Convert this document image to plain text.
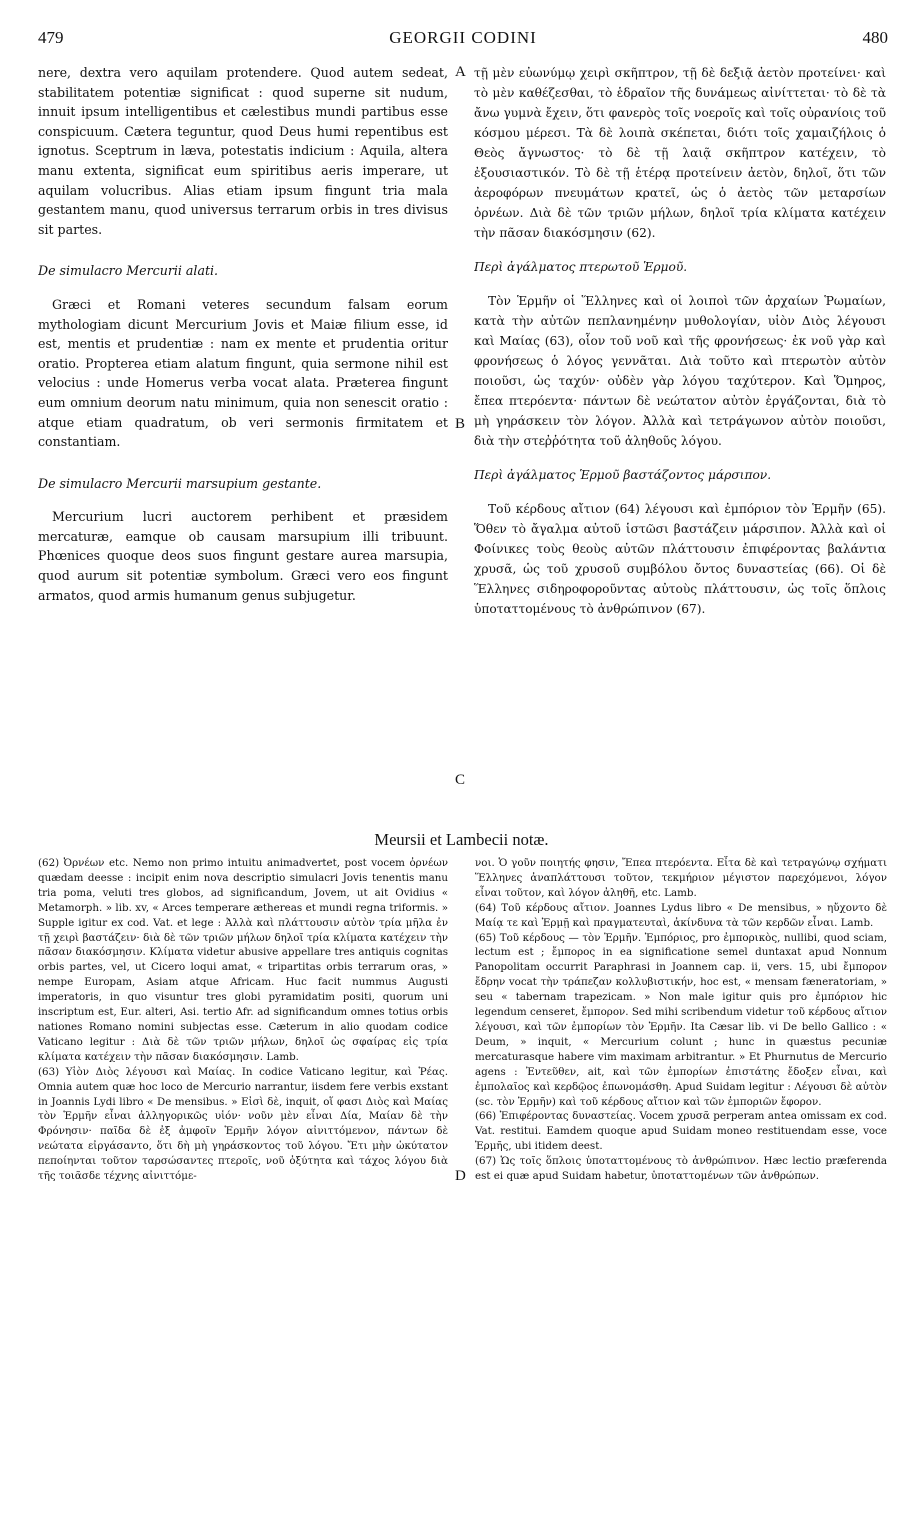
479	GEORGII CODINI	480
A
B
C
D

nere, dextra vero aquilam protendere. Quod autem sedeat, stabilitatem potentiæ significat : quod superne sit nudum, innuit ipsum intelligentibus et cælestibus mundi partibus esse conspicuum. Cætera teguntur, quod Deus humi repentibus est ignotus. Sceptrum in læva, potestatis indicium : Aquila, altera manu extenta, significat eum spiritibus aeris imperare, ut aquilam volucribus. Alias etiam ipsum fingunt tria mala gestantem manu, quod universus terrarum orbis in tres divisus sit partes.

De simulacro Mercurii alati.

Græci et Romani veteres secundum falsam eorum mythologiam dicunt Mercurium Jovis et Maiæ filium esse, id est, mentis et prudentiæ : nam ex mente et prudentia oritur oratio. Propterea etiam alatum fingunt, quia sermone nihil est velocius : unde Homerus verba vocat alata. Præterea fingunt eum omnium deorum natu minimum, quia non senescit oratio : atque etiam quadratum, ob veri sermonis firmitatem et constantiam.

De simulacro Mercurii marsupium gestante.

Mercurium lucri auctorem perhibent et præsidem mercaturæ, eamque ob causam marsupium illi tribuunt. Phœnices quoque deos suos fingunt gestare aurea marsupia, quod aurum sit potentiæ symbolum. Græci vero eos fingunt armatos, quod armis humanum genus subjugetur.

τῇ μὲν εὐωνύμῳ χειρὶ σκῆπτρον, τῇ δὲ δεξιᾷ ἀετὸν προτείνει· καὶ τὸ μὲν καθέζεσθαι, τὸ ἑδραῖον τῆς δυνάμεως αἰνίττεται· τὸ δὲ τὰ ἄνω γυμνὰ ἔχειν, ὅτι φανερὸς τοῖς νοεροῖς καὶ τοῖς οὐρανίοις τοῦ κόσμου μέρεσι. Τὰ δὲ λοιπὰ σκέπεται, διότι τοῖς χαμαιζήλοις ὁ Θεὸς ἄγνωστος· τὸ δὲ τῇ λαιᾷ σκῆπτρον κατέχειν, τὸ ἐξουσιαστικόν. Τὸ δὲ τῇ ἑτέρᾳ προτείνειν ἀετὸν, δηλοῖ, ὅτι τῶν ἀεροφόρων πνευμάτων κρατεῖ, ὡς ὁ ἀετὸς τῶν μεταρσίων ὀρνέων. Διὰ δὲ τῶν τριῶν μήλων, δηλοῖ τρία κλίματα κατέχειν τὴν πᾶσαν διακόσμησιν (62).

Περὶ ἀγάλματος πτερωτοῦ Ἑρμοῦ.

Τὸν Ἑρμῆν οἱ Ἕλληνες καὶ οἱ λοιποὶ τῶν ἀρχαίων Ῥωμαίων, κατὰ τὴν αὐτῶν πεπλανημένην μυθολογίαν, υἱὸν Διὸς λέγουσι καὶ Μαίας (63), οἷον τοῦ νοῦ καὶ τῆς φρονήσεως· ἐκ νοῦ γὰρ καὶ φρονήσεως ὁ λόγος γεννᾶται. Διὰ τοῦτο καὶ πτερωτὸν αὐτὸν ποιοῦσι, ὡς ταχύν· οὐδὲν γὰρ λόγου ταχύτερον. Καὶ Ὅμηρος, ἔπεα πτερόεντα· πάντων δὲ νεώτατον αὐτὸν ἐργάζονται, διὰ τὸ μὴ γηράσκειν τὸν λόγον. Ἀλλὰ καὶ τετράγωνον αὐτὸν ποιοῦσι, διὰ τὴν στεῤῥότητα τοῦ ἀληθοῦς λόγου.

Περὶ ἀγάλματος Ἑρμοῦ βαστάζοντος μάρσιπον.

Τοῦ κέρδους αἴτιον (64) λέγουσι καὶ ἐμπόριον τὸν Ἑρμῆν (65). Ὅθεν τὸ ἄγαλμα αὐτοῦ ἱστῶσι βαστάζειν μάρσιπον. Ἀλλὰ καὶ οἱ Φοίνικες τοὺς θεοὺς αὐτῶν πλάττουσιν ἐπιφέροντας βαλάντια χρυσᾶ, ὡς τοῦ χρυσοῦ συμβόλου ὄντος δυναστείας (66). Οἱ δὲ Ἕλληνες σιδηροφοροῦντας αὐτοὺς πλάττουσιν, ὡς τοῖς ὅπλοις ὑποταττομένους τὸ ἀνθρώπινον (67).

Meursii et Lambecii notæ.

(62) Ὀρνέων etc. Nemo non primo intuitu animadvertet, post vocem ὀρνέων quædam deesse : incipit enim nova descriptio simulacri Jovis tenentis manu tria poma, veluti tres globos, ad significandum, Jovem, ut ait Ovidius « Metamorph. » lib. xv, « Arces temperare æthereas et mundi regna triformis. » Supple igitur ex cod. Vat. et lege : Ἀλλὰ καὶ πλάττουσιν αὐτὸν τρία μῆλα ἐν τῇ χειρὶ βαστάζειν· διὰ δὲ τῶν τριῶν μήλων δηλοῖ τρία κλίματα κατέχειν τὴν πᾶσαν διακόσμησιν. Κλίματα videtur abusive appellare tres antiquis cognitas orbis partes, vel, ut Cicero loqui amat, « tripartitas orbis terrarum oras, » nempe Europam, Asiam atque Africam. Huc facit nummus Augusti imperatoris, in quo visuntur tres globi pyramidatim positi, quorum uni inscriptum est, Eur. alteri, Asi. tertio Afr. ad significandum omnes totius orbis nationes Romano nomini subjectas esse. Cæterum in alio quodam codice Vaticano legitur : Διὰ δὲ τῶν τριῶν μήλων, δηλοῖ ὡς σφαίρας εἰς τρία κλίματα κατέχειν τὴν πᾶσαν διακόσμησιν. Lamb.

(63) Υἱὸν Διὸς λέγουσι καὶ Μαίας. In codice Vaticano legitur, καὶ Ῥέας. Omnia autem quæ hoc loco de Mercurio narrantur, iisdem fere verbis exstant in Joannis Lydi libro « De mensibus. » Εἰσὶ δὲ, inquit, οἵ φασι Διὸς καὶ Μαίας τὸν Ἑρμῆν εἶναι ἀλληγορικῶς υἱόν· νοῦν μὲν εἶναι Δία, Μαίαν δὲ τὴν Φρόνησιν· παῖδα δὲ ἐξ ἀμφοῖν Ἑρμῆν λόγον αἰνιττόμενον, πάντων δὲ νεώτατα εἰργάσαντο, ὅτι δὴ μὴ γηράσκοντος τοῦ λόγου. Ἔτι μὴν ὠκύτατον πεποίηνται τοῦτον ταρσώσαντες πτεροῖς, νοῦ ὀξύτητα καὶ τάχος λόγου διὰ τῆς τοιᾶσδε τέχνης αἰνιττόμε-

νοι. Ὁ γοῦν ποιητής φησιν, Ἔπεα πτερόεντα. Εἶτα δὲ καὶ τετραγώνῳ σχήματι Ἕλληνες ἀναπλάττουσι τοῦτον, τεκμήριον μέγιστον παρεχόμενοι, λόγον εἶναι τοῦτον, καὶ λόγον ἀληθῆ, etc. Lamb.

(64) Τοῦ κέρδους αἴτιον. Joannes Lydus libro « De mensibus, » ηὔχοντο δὲ Μαίᾳ τε καὶ Ἑρμῇ καὶ πραγματευταὶ, ἀκίνδυνα τὰ τῶν κερδῶν εἶναι. Lamb.

(65) Τοῦ κέρδους — τὸν Ἑρμῆν. Ἐμπόριος, pro ἐμπορικὸς, nullibi, quod sciam, lectum est ; ἔμπορος in ea significatione semel duntaxat apud Nonnum Panopolitam occurrit Paraphrasi in Joannem cap. ii, vers. 15, ubi ἔμπορον ἔδρην vocat τὴν τράπεζαν κολλυβιστικήν, hoc est, « mensam fæneratoriam, » seu « tabernam trapezicam. » Non male igitur quis pro ἐμπόριον hic legendum censeret, ἔμπορον. Sed mihi scribendum videtur τοῦ κέρδους αἴτιον λέγουσι, καὶ τῶν ἐμπορίων τὸν Ἑρμῆν. Ita Cæsar lib. vi De bello Gallico : « Deum, » inquit, « Mercurium colunt ; hunc in quæstus pecuniæ mercaturasque habere vim maximam arbitrantur. » Et Phurnutus de Mercurio agens : Ἐντεῦθεν, ait, καὶ τῶν ἐμπορίων ἐπιστάτης ἔδοξεν εἶναι, καὶ ἐμπολαῖος καὶ κερδῷος ἐπωνομάσθη. Apud Suidam legitur : Λέγουσι δὲ αὐτὸν (sc. τὸν Ἑρμῆν) καὶ τοῦ κέρδους αἴτιον καὶ τῶν ἐμποριῶν ἔφορον.

(66) Ἐπιφέροντας δυναστείας. Vocem χρυσᾶ perperam antea omissam ex cod. Vat. restitui. Eamdem quoque apud Suidam moneo restituendam esse, voce Ἑρμῆς, ubi itidem deest.

(67) Ὡς τοῖς ὅπλοις ὑποταττομένους τὸ ἀνθρώπινον. Hæc lectio præferenda est ei quæ apud Suidam habetur, ὑποταττομένων τῶν ἀνθρώπων.
